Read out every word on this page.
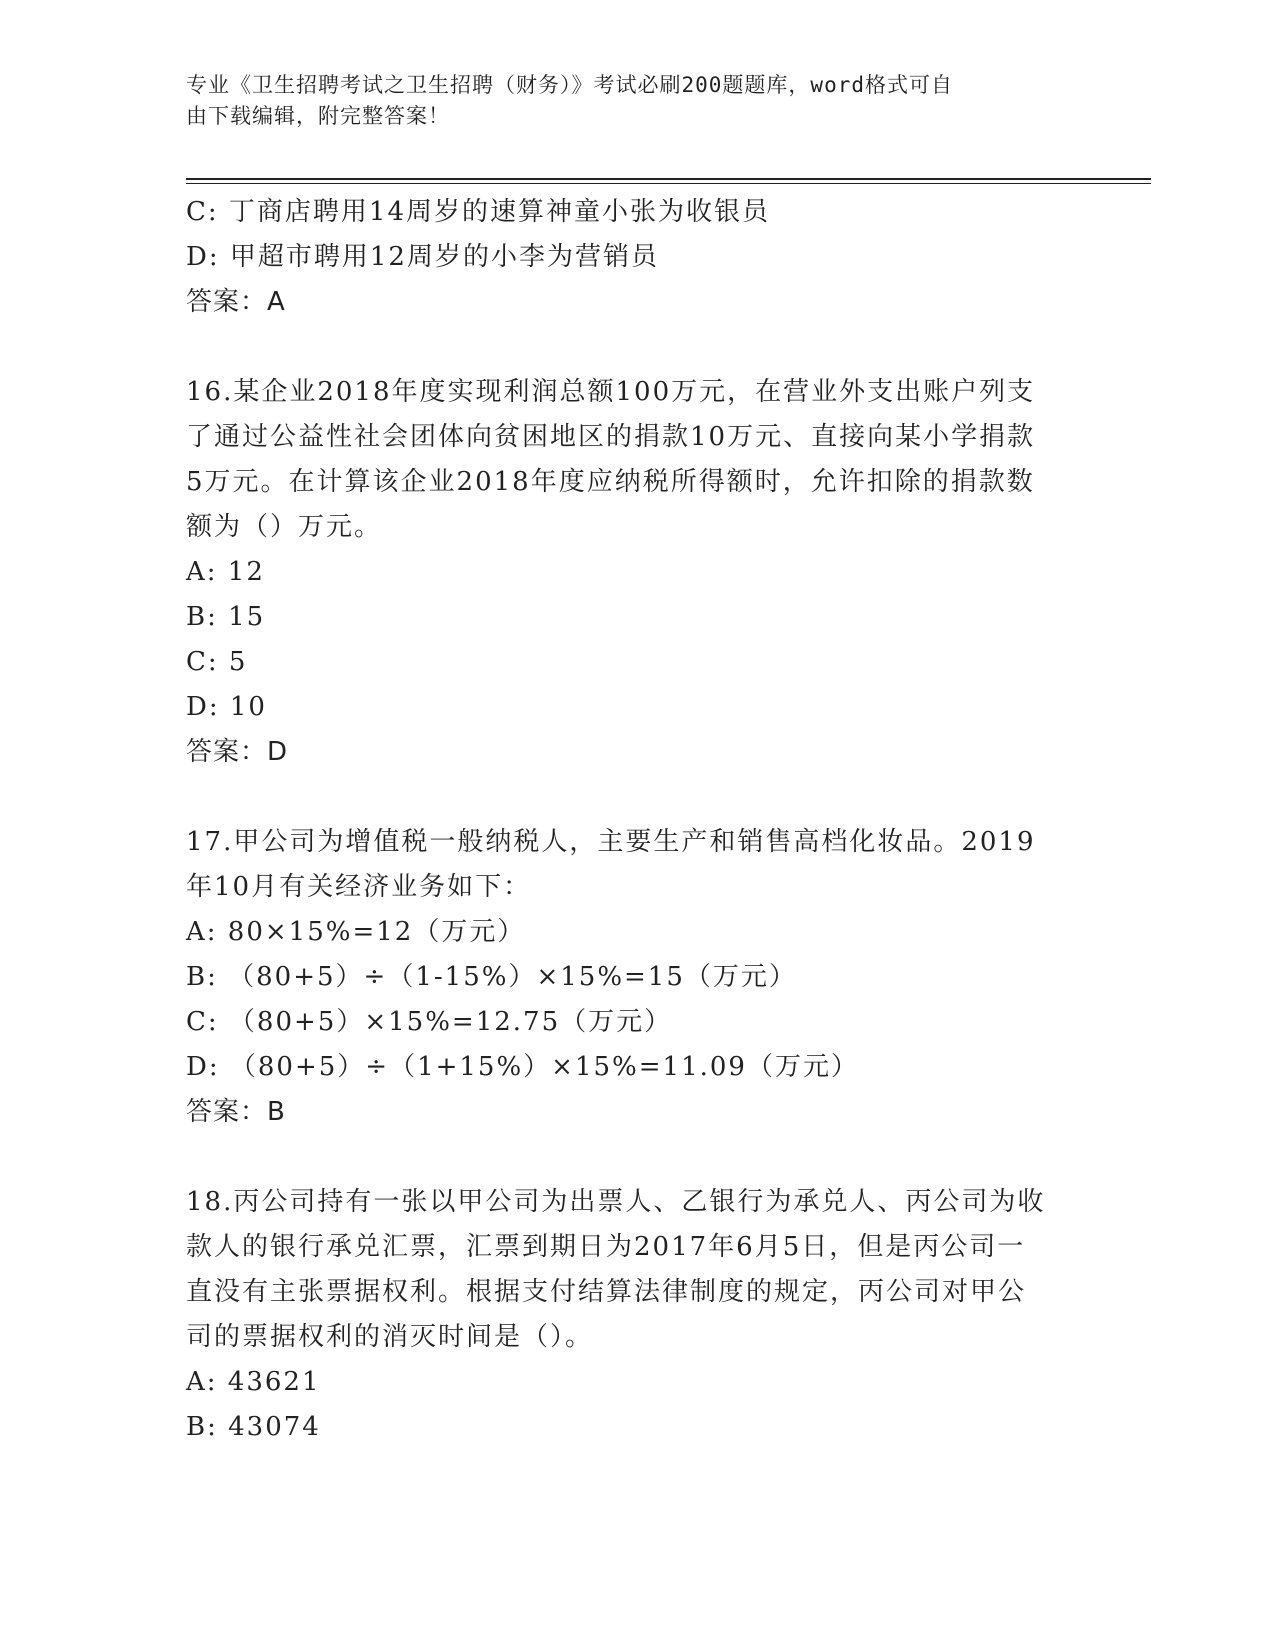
专业《卫生招聘考试之卫生招聘（财务）》考试必刷200题题库，word格式可自
由下载编辑，附完整答案！
C: 丁商店聘用14周岁的速算神童小张为收银员
D: 甲超市聘用12周岁的小李为营销员
答案：A
16.某企业2018年度实现利润总额100万元，在营业外支出账户列支
了通过公益性社会团体向贫困地区的捐款10万元、直接向某小学捐款
5万元。在计算该企业2018年度应纳税所得额时，允许扣除的捐款数
额为（）万元。
A: 12
B: 15
C: 5
D: 10
答案：D
17.甲公司为增值税一般纳税人，主要生产和销售高档化妆品。2019
年10月有关经济业务如下：
A: 80×15%=12（万元）
B: （80+5）÷（1-15%）×15%=15（万元）
C: （80+5）×15%=12.75（万元）
D: （80+5）÷（1+15%）×15%=11.09（万元）
答案：B
18.丙公司持有一张以甲公司为出票人、乙银行为承兑人、丙公司为收
款人的银行承兑汇票，汇票到期日为2017年6月5日，但是丙公司一
直没有主张票据权利。根据支付结算法律制度的规定，丙公司对甲公
司的票据权利的消灭时间是（）。
A: 43621
B: 43074
